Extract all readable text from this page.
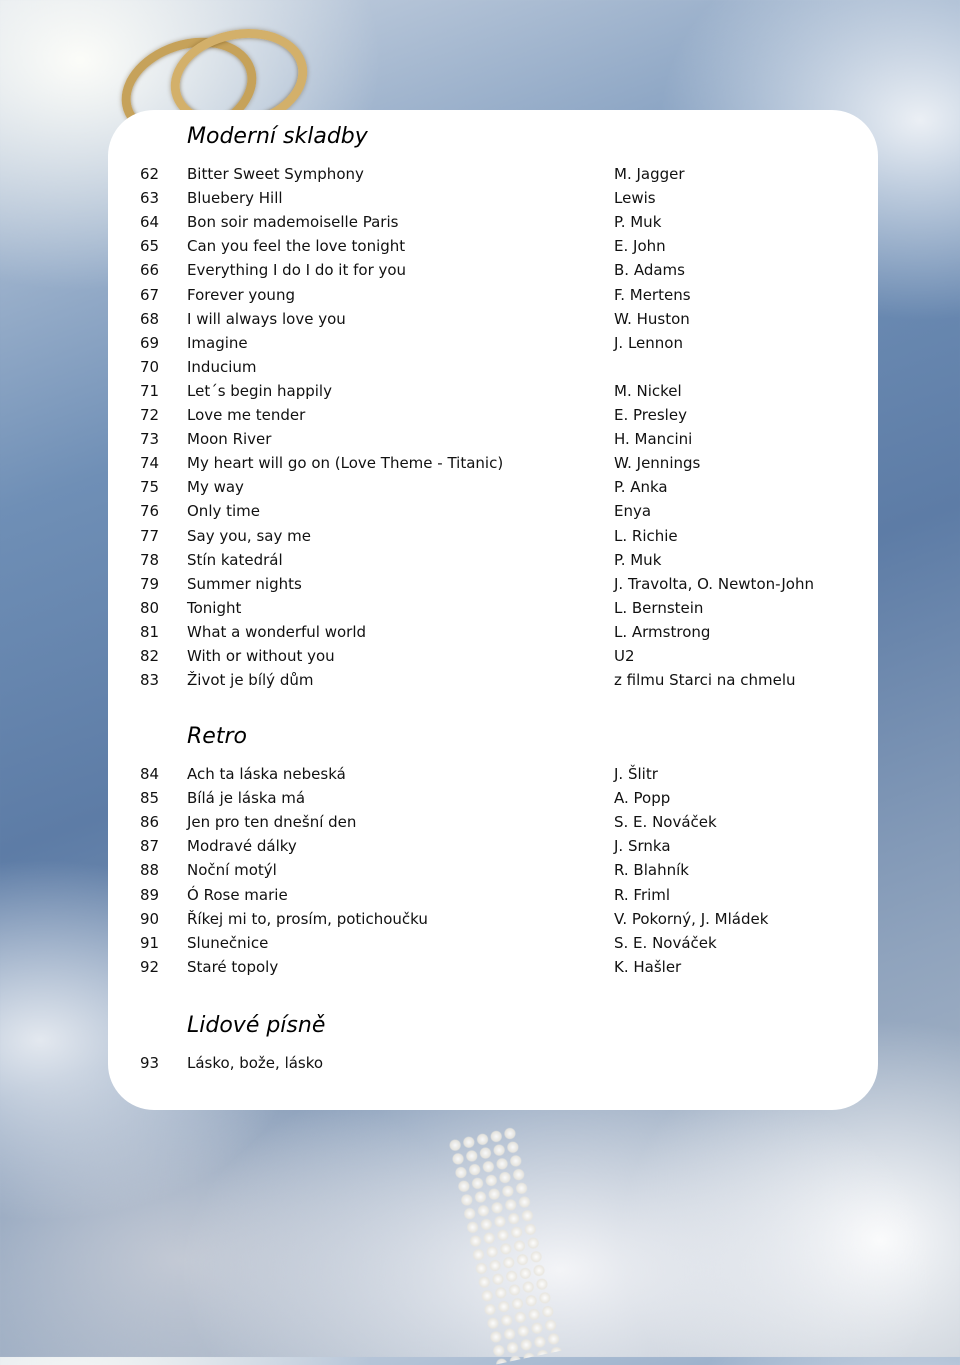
Moderní skladby
62 Bitter Sweet Symphony	M. Jagger
63 Bluebery Hill	Lewis
64 Bon soir mademoiselle Paris	P. Muk
65 Can you feel the love tonight	E. John
66 Everything I do I do it for you	B. Adams
67 Forever young	F. Mertens
68 I will always love you	W. Huston
69 Imagine	J. Lennon
70 Inducium
71 Let´s begin happily	M. Nickel
72 Love me tender	E. Presley
73 Moon River	H. Mancini
74 My heart will go on (Love Theme - Titanic)	W. Jennings
75 My way	P. Anka
76 Only time	Enya
77 Say you, say me	L. Richie
78 Stín katedrál	P. Muk
79 Summer nights	J. Travolta, O. Newton-John
80 Tonight	L. Bernstein
81 What a wonderful world	L. Armstrong
82 With or without you	U2
83 Život je bílý dům	z filmu Starci na chmelu
Retro
84 Ach ta láska nebeská	J. Šlitr
85 Bílá je láska má	A. Popp
86 Jen pro ten dnešní den	S. E. Nováček
87 Modravé dálky	J. Srnka
88 Noční motýl	R. Blahník
89 Ó Rose marie	R. Friml
90 Říkej mi to, prosím, potichoučku	V. Pokorný, J. Mládek
91 Slunečnice	S. E. Nováček
92 Staré topoly	K. Hašler
Lidové písně
93 Lásko, bože, lásko
